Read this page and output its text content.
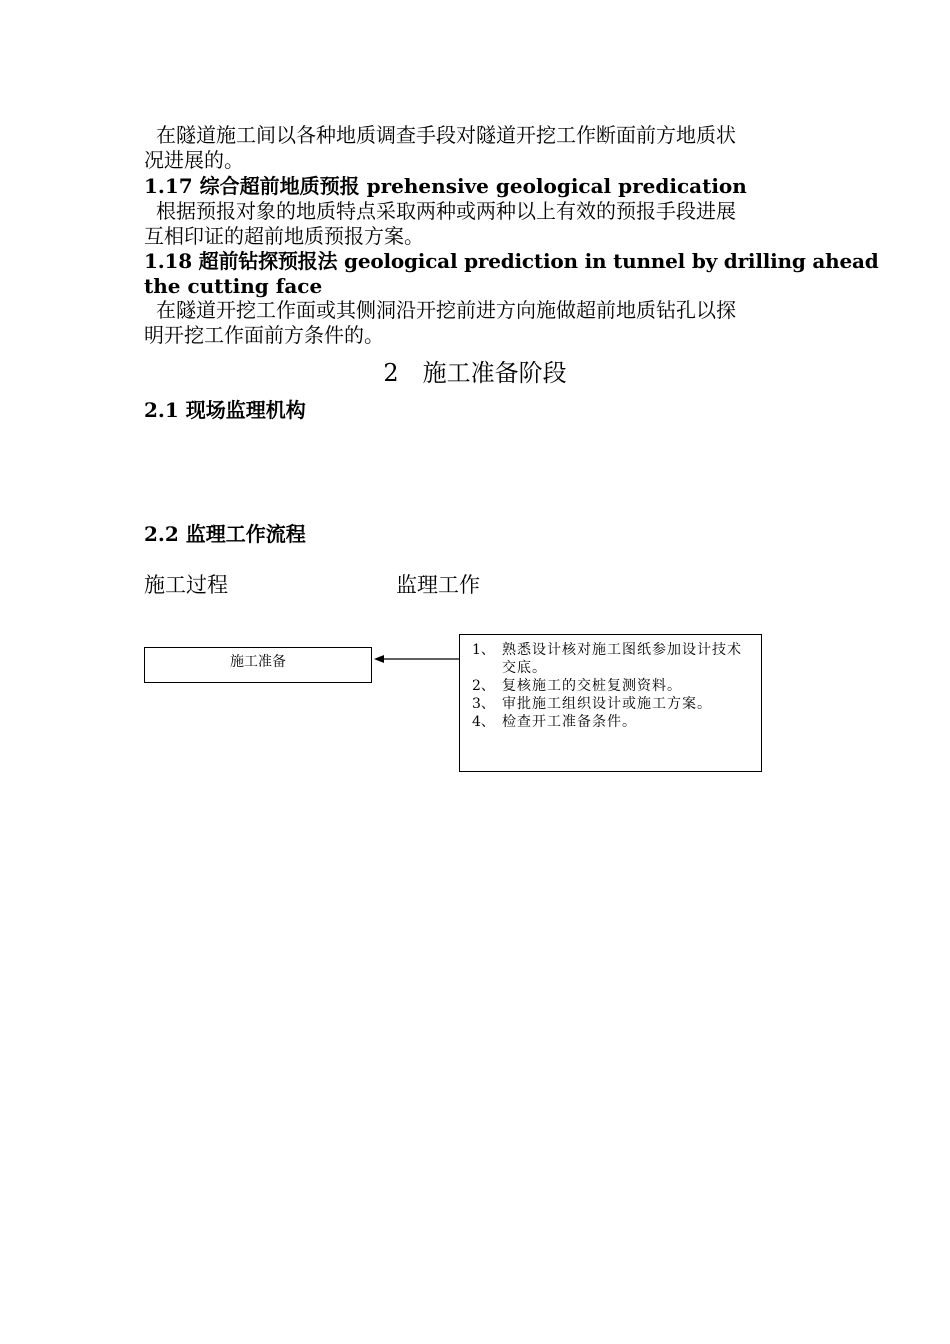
在隧道施工间以各种地质调查手段对隧道开挖工作断面前方地质状
况进展的。
1.17 综合超前地质预报 prehensive geological predication
根据预报对象的地质特点采取两种或两种以上有效的预报手段进展
互相印证的超前地质预报方案。
1.18 超前钻探预报法 geological prediction in tunnel by drilling ahead
the cutting face
在隧道开挖工作面或其侧洞沿开挖前进方向施做超前地质钻孔以探
明开挖工作面前方条件的。
2 施工准备阶段
2.1 现场监理机构
2.2 监理工作流程
施工过程	监理工作
施工准备
1、 熟悉设计核对施工图纸参加设计技术交底。
2、 复核施工的交桩复测资料。
3、 审批施工组织设计或施工方案。
4、 检查开工准备条件。
